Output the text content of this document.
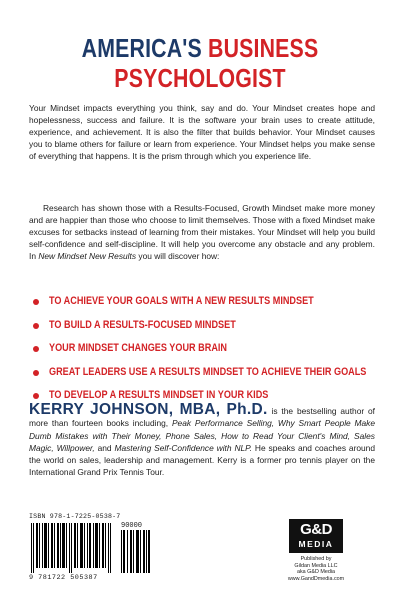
AMERICA'S BUSINESS
PSYCHOLOGIST
Your Mindset impacts everything you think, say and do. Your Mindset creates hope and hopelessness, success and failure. It is the software your brain uses to create attitude, experience, and achievement. It is also the filter that builds behavior. Your Mindset causes you to blame others for failure or learn from experience. Your Mindset helps you make sense of everything that happens. It is the prism through which you experience life.
Research has shown those with a Results-Focused, Growth Mindset make more money and are happier than those who choose to limit themselves. Those with a fixed Mindset make excuses for setbacks instead of learning from their mistakes. Your Mindset will help you build self-confidence and self-discipline. It will help you overcome any obstacle and any problem. In New Mindset New Results you will discover how:
TO ACHIEVE YOUR GOALS WITH A NEW RESULTS MINDSET
TO BUILD A RESULTS-FOCUSED MINDSET
YOUR MINDSET CHANGES YOUR BRAIN
GREAT LEADERS USE A RESULTS MINDSET TO ACHIEVE THEIR GOALS
TO DEVELOP A RESULTS MINDSET IN YOUR KIDS
KERRY JOHNSON, MBA, Ph.D. is the bestselling author of more than fourteen books including, Peak Performance Selling, Why Smart People Make Dumb Mistakes with Their Money, Phone Sales, How to Read Your Client's Mind, Sales Magic, Willpower, and Mastering Self-Confidence with NLP. He speaks and coaches around the world on sales, leadership and management. Kerry is a former pro tennis player on the International Grand Prix Tennis Tour.
ISBN 978-1-7225-0538-7
90000
9 781722 505387
G&D
MEDIA
Published by
Gildan Media LLC
aka G&D Media
www.GandDmedia.com
